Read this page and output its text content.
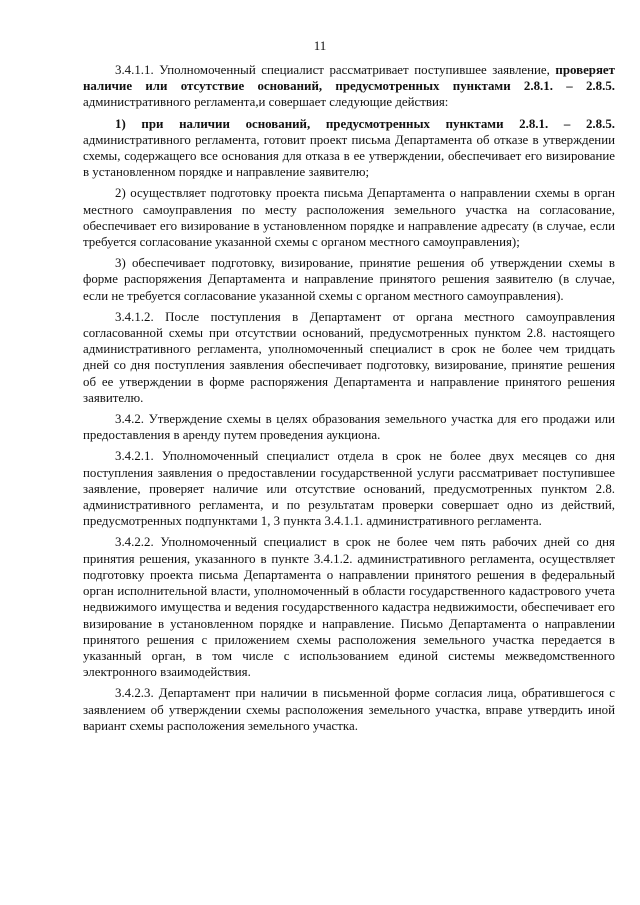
11

3.4.1.1. Уполномоченный специалист рассматривает поступившее заявление, проверяет наличие или отсутствие оснований, предусмотренных пунктами 2.8.1. – 2.8.5. административного регламента,и совершает следующие действия:

1) при наличии оснований, предусмотренных пунктами 2.8.1. – 2.8.5. административного регламента, готовит проект письма Департамента об отказе в утверждении схемы, содержащего все основания для отказа в ее утверждении, обеспечивает его визирование в установленном порядке и направление заявителю;

2) осуществляет подготовку проекта письма Департамента о направлении схемы в орган местного самоуправления по месту расположения земельного участка на согласование, обеспечивает его визирование в установленном порядке и направление адресату (в случае, если требуется согласование указанной схемы с органом местного самоуправления);

3) обеспечивает подготовку, визирование, принятие решения об утверждении схемы в форме распоряжения Департамента и направление принятого решения заявителю (в случае, если не требуется согласование указанной схемы с органом местного самоуправления).

3.4.1.2. После поступления в Департамент от органа местного самоуправления согласованной схемы при отсутствии оснований, предусмотренных пунктом 2.8. настоящего административного регламента, уполномоченный специалист в срок не более чем тридцать дней со дня поступления заявления обеспечивает подготовку, визирование, принятие решения об ее утверждении в форме распоряжения Департамента и направление принятого решения заявителю.

3.4.2. Утверждение схемы в целях образования земельного участка для его продажи или предоставления в аренду путем проведения аукциона.

3.4.2.1. Уполномоченный специалист отдела в срок не более двух месяцев со дня поступления заявления о предоставлении государственной услуги рассматривает поступившее заявление, проверяет наличие или отсутствие оснований, предусмотренных пунктом 2.8. административного регламента, и по результатам проверки совершает одно из действий, предусмотренных подпунктами 1, 3 пункта 3.4.1.1. административного регламента.

3.4.2.2. Уполномоченный специалист в срок не более чем пять рабочих дней со дня принятия решения, указанного в пункте 3.4.1.2. административного регламента, осуществляет подготовку проекта письма Департамента о направлении принятого решения в федеральный орган исполнительной власти, уполномоченный в области государственного кадастрового учета недвижимого имущества и ведения государственного кадастра недвижимости, обеспечивает его визирование в установленном порядке и направление. Письмо Департамента о направлении принятого решения с приложением схемы расположения земельного участка передается в указанный орган, в том числе с использованием единой системы межведомственного электронного взаимодействия.

3.4.2.3. Департамент при наличии в письменной форме согласия лица, обратившегося с заявлением об утверждении схемы расположения земельного участка, вправе утвердить иной вариант схемы расположения земельного участка.
